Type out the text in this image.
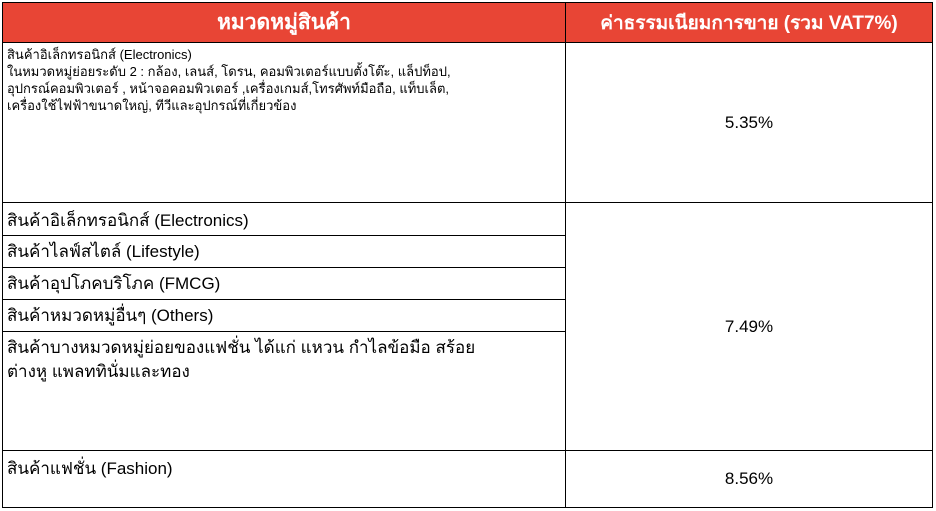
หมวดหมู่สินค้า	ค่าธรรมเนียมการขาย (รวม VAT7%)
สินค้าอิเล็กทรอนิกส์ (Electronics)
ในหมวดหมู่ย่อยระดับ 2 : กล้อง, เลนส์, โดรน, คอมพิวเตอร์แบบตั้งโต๊ะ, แล็ปท็อป,
อุปกรณ์คอมพิวเตอร์ , หน้าจอคอมพิวเตอร์ ,เครื่องเกมส์,โทรศัพท์มือถือ, แท็บเล็ต,
เครื่องใช้ไฟฟ้าขนาดใหญ่, ทีวีและอุปกรณ์ที่เกี่ยวข้อง
5.35%
สินค้าอิเล็กทรอนิกส์ (Electronics)
สินค้าไลฟ์สไตล์ (Lifestyle)
สินค้าอุปโภคบริโภค (FMCG)
สินค้าหมวดหมู่อื่นๆ (Others)
สินค้าบางหมวดหมู่ย่อยของแฟชั่น ได้แก่ แหวน กำไลข้อมือ สร้อย
ต่างหู แพลททินั่มและทอง
7.49%
สินค้าแฟชั่น (Fashion)
8.56%
